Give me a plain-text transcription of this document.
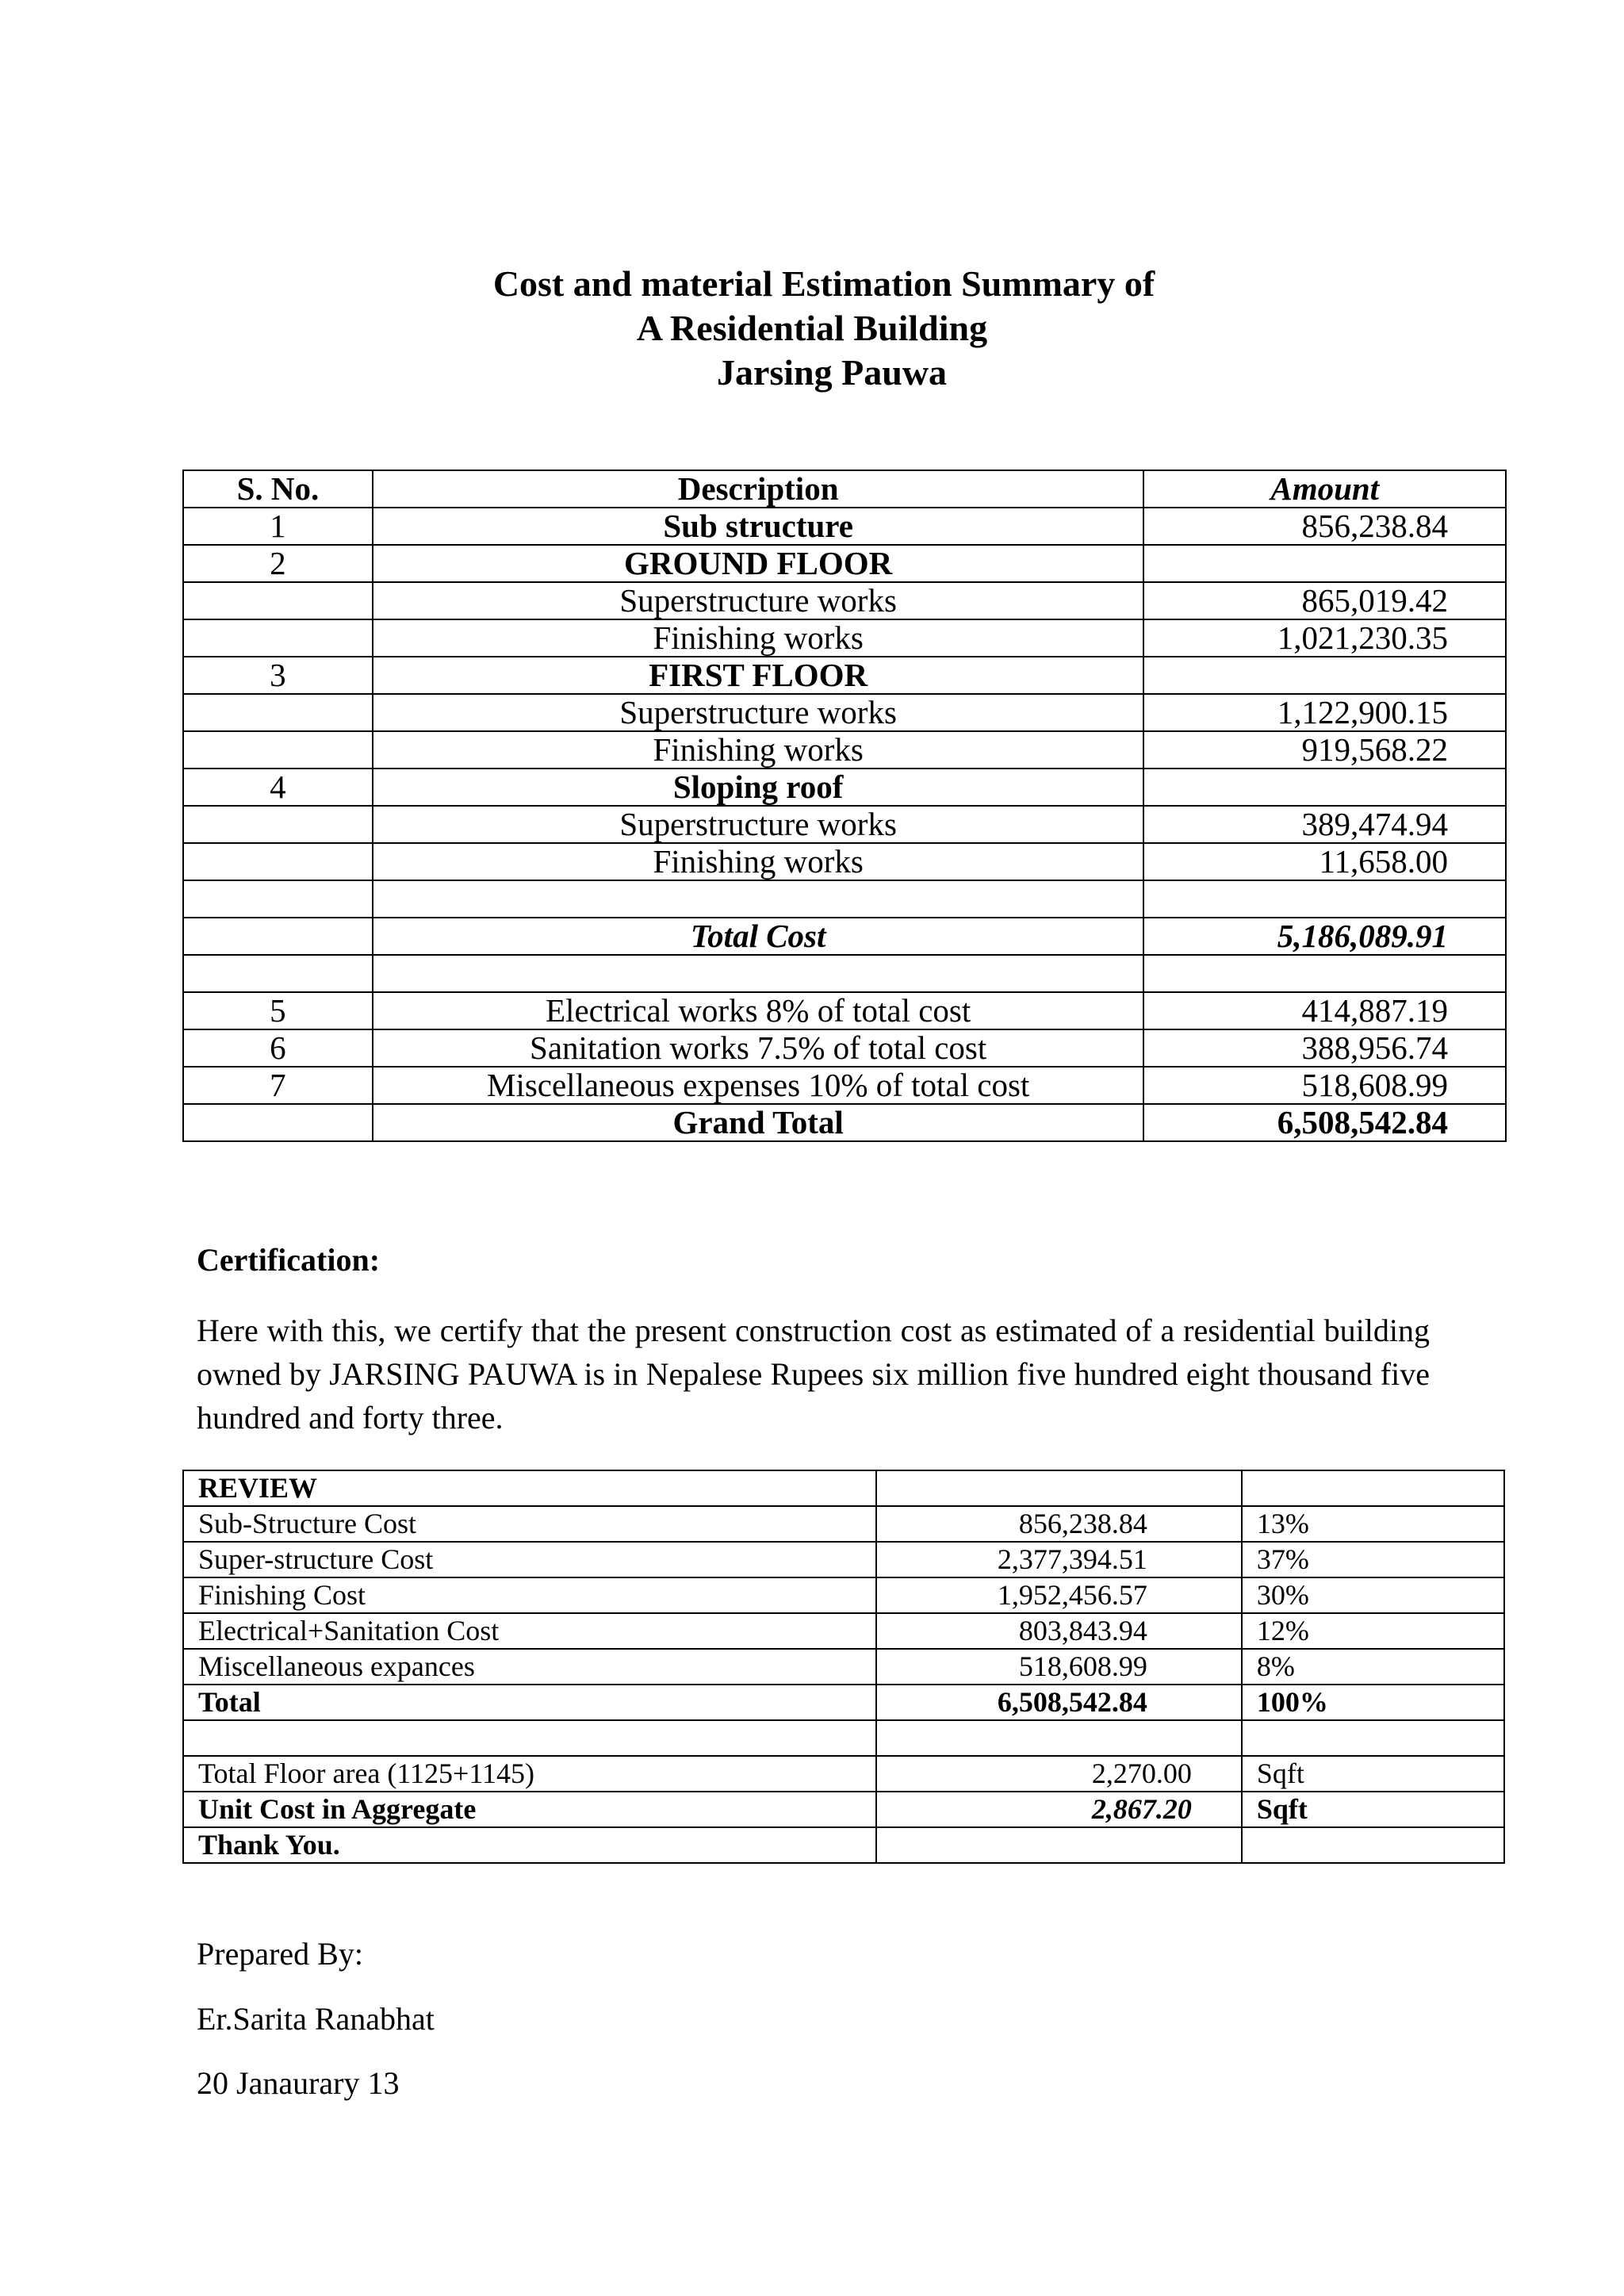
Cost and material Estimation Summary of
A Residential Building
Jarsing Pauwa
S. No.	Description	Amount
1	Sub structure	856,238.84
2	GROUND FLOOR	
	Superstructure works	865,019.42
	Finishing works	1,021,230.35
3	FIRST FLOOR	
	Superstructure works	1,122,900.15
	Finishing works	919,568.22
4	Sloping roof	
	Superstructure works	389,474.94
	Finishing works	11,658.00

	Total Cost	5,186,089.91

5	Electrical works 8% of total cost	414,887.19
6	Sanitation works 7.5% of total cost	388,956.74
7	Miscellaneous expenses 10% of total cost	518,608.99
	Grand Total	6,508,542.84
Certification:
Here with this, we certify that the present construction cost as estimated of a residential building owned by JARSING PAUWA is in Nepalese Rupees six million five hundred eight thousand five hundred and forty three.
REVIEW		
Sub-Structure Cost	856,238.84	13%
Super-structure Cost	2,377,394.51	37%
Finishing Cost	1,952,456.57	30%
Electrical+Sanitation Cost	803,843.94	12%
Miscellaneous expances	518,608.99	8%
Total	6,508,542.84	100%

Total Floor area (1125+1145)	2,270.00	Sqft
Unit Cost in Aggregate	2,867.20	Sqft
Thank You.		
Prepared By:
Er.Sarita Ranabhat
20 Janaurary 13
